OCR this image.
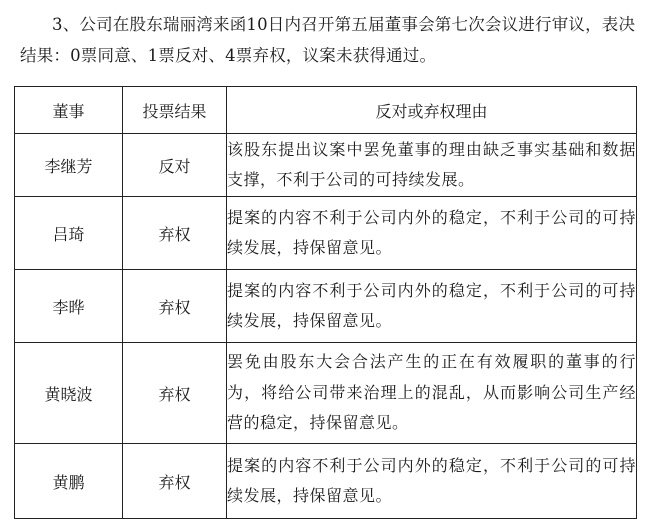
3、公司在股东瑞丽湾来函10日内召开第五届董事会第七次会议进行审议，表决
结果：0票同意、1票反对、4票弃权，议案未获得通过。
董事	投票结果	反对或弃权理由
李继芳	反对	该股东提出议案中罢免董事的理由缺乏事实基础和数据支撑，不利于公司的可持续发展。
吕琦	弃权	提案的内容不利于公司内外的稳定，不利于公司的可持续发展，持保留意见。
李晔	弃权	提案的内容不利于公司内外的稳定，不利于公司的可持续发展，持保留意见。
黄晓波	弃权	罢免由股东大会合法产生的正在有效履职的董事的行为，将给公司带来治理上的混乱，从而影响公司生产经营的稳定，持保留意见。
黄鹏	弃权	提案的内容不利于公司内外的稳定，不利于公司的可持续发展，持保留意见。
